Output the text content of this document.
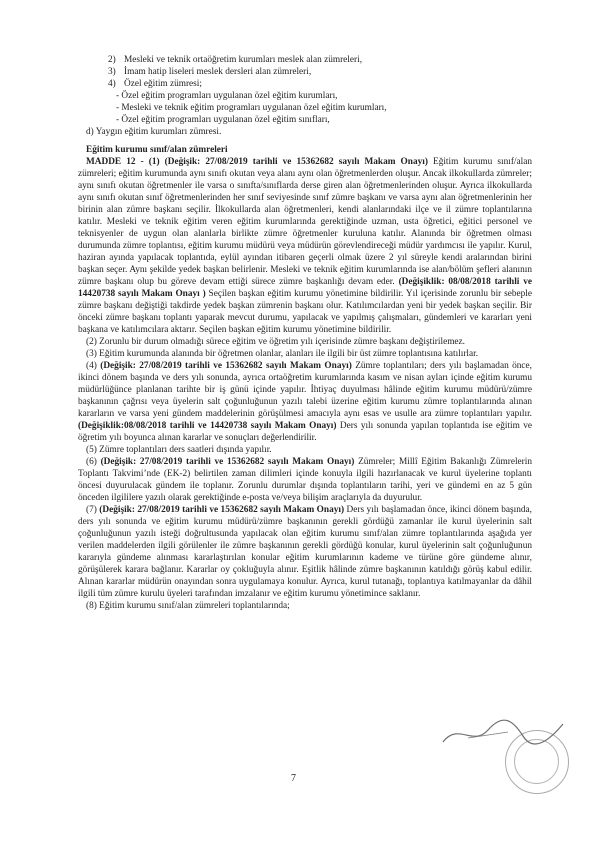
2) Mesleki ve teknik ortaöğretim kurumları meslek alan zümreleri,

3) İmam hatip liseleri meslek dersleri alan zümreleri,

4) Özel eğitim zümresi;

- Özel eğitim programları uygulanan özel eğitim kurumları,

- Mesleki ve teknik eğitim programları uygulanan özel eğitim kurumları,

- Özel eğitim programları uygulanan özel eğitim sınıfları,

d) Yaygın eğitim kurumları zümresi.

Eğitim kurumu sınıf/alan zümreleri

MADDE 12 - (1) (Değişik: 27/08/2019 tarihli ve 15362682 sayılı Makam Onayı) Eğitim kurumu sınıf/alan zümreleri; eğitim kurumunda aynı sınıfı okutan veya alanı aynı olan öğretmenlerden oluşur. Ancak ilkokullarda zümreler; aynı sınıfı okutan öğretmenler ile varsa o sınıfta/sınıflarda derse giren alan öğretmenlerinden oluşur. Ayrıca ilkokullarda aynı sınıfı okutan sınıf öğretmenlerinden her sınıf seviyesinde sınıf zümre başkanı ve varsa aynı alan öğretmenlerinin her birinin alan zümre başkanı seçilir. İlkokullarda alan öğretmenleri, kendi alanlarındaki ilçe ve il zümre toplantılarına katılır. Mesleki ve teknik eğitim veren eğitim kurumlarında gerektiğinde uzman, usta öğretici, eğitici personel ve teknisyenler de uygun olan alanlarla birlikte zümre öğretmenler kuruluna katılır. Alanında bir öğretmen olması durumunda zümre toplantısı, eğitim kurumu müdürü veya müdürün görevlendireceği müdür yardımcısı ile yapılır. Kurul, haziran ayında yapılacak toplantıda, eylül ayından itibaren geçerli olmak üzere 2 yıl süreyle kendi aralarından birini başkan seçer. Aynı şekilde yedek başkan belirlenir. Mesleki ve teknik eğitim kurumlarında ise alan/bölüm şefleri alanının zümre başkanı olup bu göreve devam ettiği sürece zümre başkanlığı devam eder. (Değişiklik: 08/08/2018 tarihli ve 14420738 sayılı Makam Onayı ) Seçilen başkan eğitim kurumu yönetimine bildirilir. Yıl içerisinde zorunlu bir sebeple zümre başkanı değiştiği takdirde yedek başkan zümrenin başkanı olur. Katılımcılardan yeni bir yedek başkan seçilir. Bir önceki zümre başkanı toplantı yaparak mevcut durumu, yapılacak ve yapılmış çalışmaları, gündemleri ve kararları yeni başkana ve katılımcılara aktarır. Seçilen başkan eğitim kurumu yönetimine bildirilir.

(2) Zorunlu bir durum olmadığı sürece eğitim ve öğretim yılı içerisinde zümre başkanı değiştirilemez.

(3) Eğitim kurumunda alanında bir öğretmen olanlar, alanları ile ilgili bir üst zümre toplantısına katılırlar.

(4) (Değişik: 27/08/2019 tarihli ve 15362682 sayılı Makam Onayı) Zümre toplantıları; ders yılı başlamadan önce, ikinci dönem başında ve ders yılı sonunda, ayrıca ortaöğretim kurumlarında kasım ve nisan ayları içinde eğitim kurumu müdürlüğünce planlanan tarihte bir iş günü içinde yapılır. İhtiyaç duyulması hâlinde eğitim kurumu müdürü/zümre başkanının çağrısı veya üyelerin salt çoğunluğunun yazılı talebi üzerine eğitim kurumu zümre toplantılarında alınan kararların ve varsa yeni gündem maddelerinin görüşülmesi amacıyla aynı esas ve usulle ara zümre toplantıları yapılır. (Değişiklik:08/08/2018 tarihli ve 14420738 sayılı Makam Onayı) Ders yılı sonunda yapılan toplantıda ise eğitim ve öğretim yılı boyunca alınan kararlar ve sonuçları değerlendirilir.

(5) Zümre toplantıları ders saatleri dışında yapılır.

(6) (Değişik: 27/08/2019 tarihli ve 15362682 sayılı Makam Onayı) Zümreler; Millî Eğitim Bakanlığı Zümrelerin Toplantı Takvimi’nde (EK-2) belirtilen zaman dilimleri içinde konuyla ilgili hazırlanacak ve kurul üyelerine toplantı öncesi duyurulacak gündem ile toplanır. Zorunlu durumlar dışında toplantıların tarihi, yeri ve gündemi en az 5 gün önceden ilgililere yazılı olarak gerektiğinde e-posta ve/veya bilişim araçlarıyla da duyurulur.

(7) (Değişik: 27/08/2019 tarihli ve 15362682 sayılı Makam Onayı) Ders yılı başlamadan önce, ikinci dönem başında, ders yılı sonunda ve eğitim kurumu müdürü/zümre başkanının gerekli gördüğü zamanlar ile kurul üyelerinin salt çoğunluğunun yazılı isteği doğrultusunda yapılacak olan eğitim kurumu sınıf/alan zümre toplantılarında aşağıda yer verilen maddelerden ilgili görülenler ile zümre başkanının gerekli gördüğü konular, kurul üyelerinin salt çoğunluğunun kararıyla gündeme alınması kararlaştırılan konular eğitim kurumlarının kademe ve türüne göre gündeme alınır, görüşülerek karara bağlanır. Kararlar oy çokluğuyla alınır. Eşitlik hâlinde zümre başkanının katıldığı görüş kabul edilir. Alınan kararlar müdürün onayından sonra uygulamaya konulur. Ayrıca, kurul tutanağı, toplantıya katılmayanlar da dâhil ilgili tüm zümre kurulu üyeleri tarafından imzalanır ve eğitim kurumu yönetimince saklanır.

(8) Eğitim kurumu sınıf/alan zümreleri toplantılarında;

7
